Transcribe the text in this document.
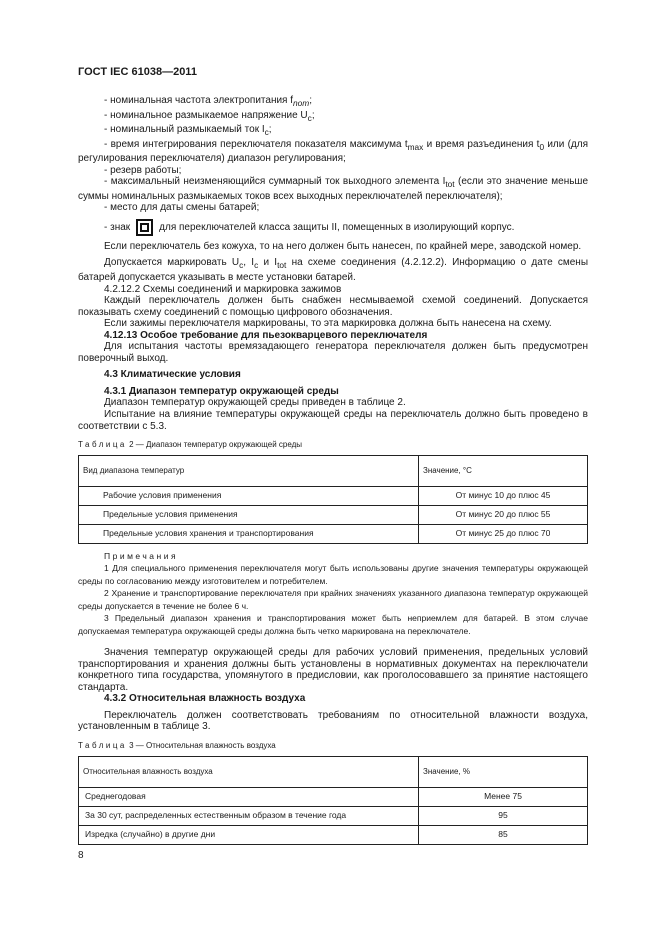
ГОСТ IEC 61038—2011
- номинальная частота электропитания $f_{nom}$;
- номинальное размыкаемое напряжение $U_c$;
- номинальный размыкаемый ток $I_c$;
- время интегрирования переключателя показателя максимума $t_{max}$ и время разъединения $t_0$ или (для регулирования переключателя) диапазон регулирования;
- резерв работы;
- максимальный неизменяющийся суммарный ток выходного элемента $I_{tot}$ (если это значение меньше суммы номинальных размыкаемых токов всех выходных переключателей переключателя);
- место для даты смены батарей;
- знак	для переключателей класса защиты II, помещенных в изолирующий корпус.
Если переключатель без кожуха, то на него должен быть нанесен, по крайней мере, заводской номер.
Допускается маркировать $U_c$, $I_c$ и $I_{tot}$ на схеме соединения (4.2.12.2). Информацию о дате смены батарей допускается указывать в месте установки батарей.
4.2.12.2 Схемы соединений и маркировка зажимов
Каждый переключатель должен быть снабжен несмываемой схемой соединений. Допускается показывать схему соединений с помощью цифрового обозначения.
Если зажимы переключателя маркированы, то эта маркировка должна быть нанесена на схему.
4.12.13 Особое требование для пьезокварцевого переключателя
Для испытания частоты времязадающего генератора переключателя должен быть предусмотрен поверочный выход.
4.3 Климатические условия
4.3.1 Диапазон температур окружающей среды
Диапазон температур окружающей среды приведен в таблице 2.
Испытание на влияние температуры окружающей среды на переключатель должно быть проведено в соответствии с 5.3.
Таблица 2 — Диапазон температур окружающей среды
Вид диапазона температур	Значение, °С
Рабочие условия применения	От минус 10 до плюс 45
Предельные условия применения	От минус 20 до плюс 55
Предельные условия хранения и транспортирования	От минус 25 до плюс 70
Примечания
1 Для специального применения переключателя могут быть использованы другие значения температуры окружающей среды по согласованию между изготовителем и потребителем.
2 Хранение и транспортирование переключателя при крайних значениях указанного диапазона температур окружающей среды допускается в течение не более 6 ч.
3 Предельный диапазон хранения и транспортирования может быть неприемлем для батарей. В этом случае допускаемая температура окружающей среды должна быть четко маркирована на переключателе.
Значения температур окружающей среды для рабочих условий применения, предельных условий транспортирования и хранения должны быть установлены в нормативных документах на переключатели конкретного типа государства, упомянутого в предисловии, как проголосовавшего за принятие настоящего стандарта.
4.3.2 Относительная влажность воздуха
Переключатель должен соответствовать требованиям по относительной влажности воздуха, установленным в таблице 3.
Таблица 3 — Относительная влажность воздуха
Относительная влажность воздуха	Значение, %
Среднегодовая	Менее 75
За 30 сут, распределенных естественным образом в течение года	95
Изредка (случайно) в другие дни	85
8
